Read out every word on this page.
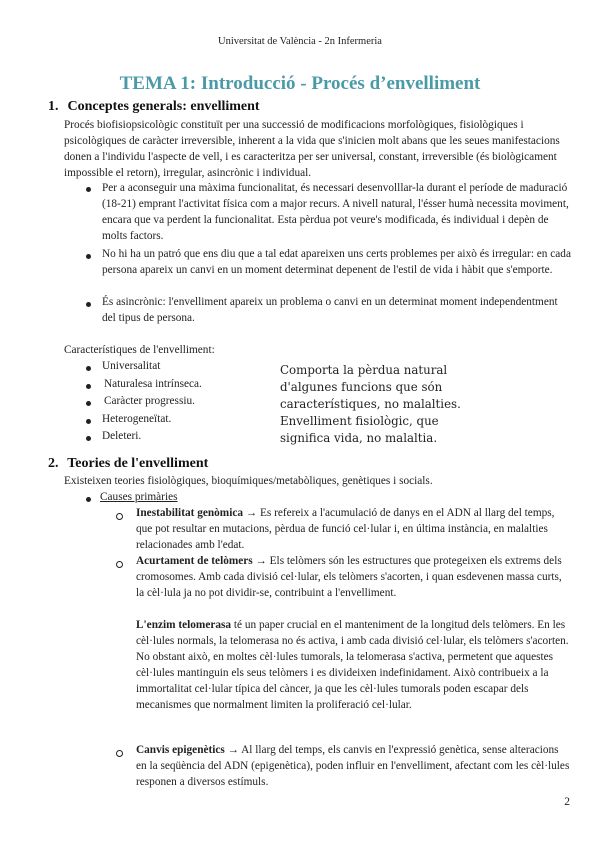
Universitat de València - 2n Infermeria
TEMA 1: Introducció - Procés d’envelliment
1. Conceptes generals: envelliment
Procés biofisiopsicològic constituït per una successió de modificacions morfològiques, fisiològiques i psicològiques de caràcter irreversible, inherent a la vida que s'inicien molt abans que les seues manifestacions donen a l'individu l'aspecte de vell, i es caracteritza per ser universal, constant, irreversible (és biològicament impossible el retorn), irregular, asincrònic i individual.
Per a aconseguir una màxima funcionalitat, és necessari desenvolllar-la durant el període de maduració (18-21) emprant l'activitat física com a major recurs. A nivell natural, l'ésser humà necessita moviment, encara que va perdent la funcionalitat. Esta pèrdua pot veure's modificada, és individual i depèn de molts factors.
No hi ha un patró que ens diu que a tal edat apareixen uns certs problemes per això és irregular: en cada persona apareix un canvi en un moment determinat depenent de l'estil de vida i hàbit que s'emporte.
És asincrònic: l'envelliment apareix un problema o canvi en un determinat moment independentment del tipus de persona.
Característiques de l'envelliment:
Universalitat
Naturalesa intrínseca.
Caràcter progressiu.
Heterogeneïtat.
Deleteri.
Comporta la pèrdua natural d'algunes funcions que són característiques, no malalties. Envelliment fisiològic, que significa vida, no malaltia.
2. Teories de l'envelliment
Existeixen teories fisiològiques, bioquímiques/metabòliques, genètiques i socials.
Causes primàries
Inestabilitat genòmica → Es refereix a l'acumulació de danys en el ADN al llarg del temps, que pot resultar en mutacions, pèrdua de funció cel·lular i, en última instància, en malalties relacionades amb l'edat.
Acurtament de telòmers → Els telòmers són les estructures que protegeixen els extrems dels cromosomes. Amb cada divisió cel·lular, els telòmers s'acorten, i quan esdevenen massa curts, la cèl·lula ja no pot dividir-se, contribuint a l'envelliment.
L'enzim telomerasa té un paper crucial en el manteniment de la longitud dels telòmers. En les cèl·lules normals, la telomerasa no és activa, i amb cada divisió cel·lular, els telòmers s'acorten. No obstant això, en moltes cèl·lules tumorals, la telomerasa s'activa, permetent que aquestes cèl·lules mantinguin els seus telòmers i es divideixen indefinidament. Això contribueix a la immortalitat cel·lular típica del càncer, ja que les cèl·lules tumorals poden escapar dels mecanismes que normalment limiten la proliferació cel·lular.
Canvis epigenètics → Al llarg del temps, els canvis en l'expressió genètica, sense alteracions en la seqüència del ADN (epigenètica), poden influir en l'envelliment, afectant com les cèl·lules responen a diversos estímuls.
2
